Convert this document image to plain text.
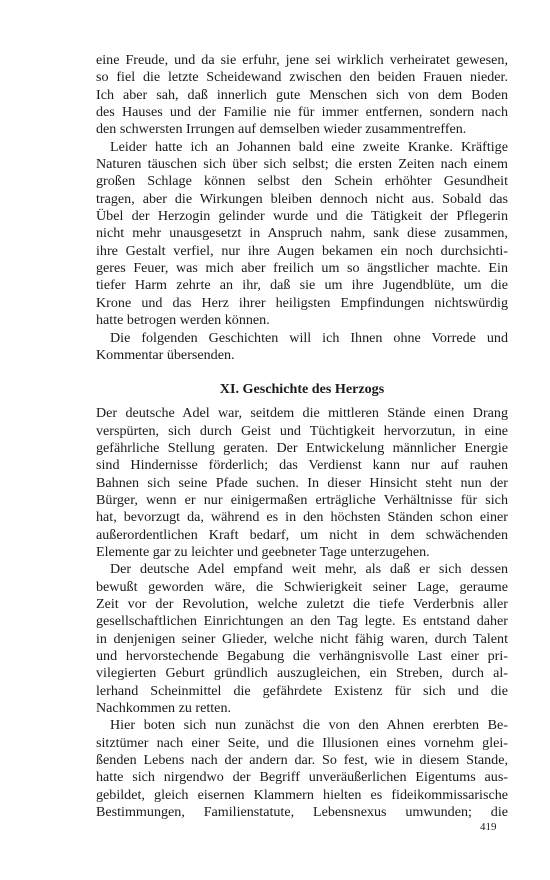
eine Freude, und da sie erfuhr, jene sei wirklich verheiratet gewesen,
so fiel die letzte Scheidewand zwischen den beiden Frauen nieder.
Ich aber sah, daß innerlich gute Menschen sich von dem Boden
des Hauses und der Familie nie für immer entfernen, sondern nach
den schwersten Irrungen auf demselben wieder zusammentreffen.
Leider hatte ich an Johannen bald eine zweite Kranke. Kräftige
Naturen täuschen sich über sich selbst; die ersten Zeiten nach einem
großen Schlage können selbst den Schein erhöhter Gesundheit
tragen, aber die Wirkungen bleiben dennoch nicht aus. Sobald das
Übel der Herzogin gelinder wurde und die Tätigkeit der Pflegerin
nicht mehr unausgesetzt in Anspruch nahm, sank diese zusammen,
ihre Gestalt verfiel, nur ihre Augen bekamen ein noch durchsichti-
geres Feuer, was mich aber freilich um so ängstlicher machte. Ein
tiefer Harm zehrte an ihr, daß sie um ihre Jugendblüte, um die
Krone und das Herz ihrer heiligsten Empfindungen nichtswürdig
hatte betrogen werden können.
Die folgenden Geschichten will ich Ihnen ohne Vorrede und
Kommentar übersenden.
XI. Geschichte des Herzogs
Der deutsche Adel war, seitdem die mittleren Stände einen Drang
verspürten, sich durch Geist und Tüchtigkeit hervorzutun, in eine
gefährliche Stellung geraten. Der Entwickelung männlicher Energie
sind Hindernisse förderlich; das Verdienst kann nur auf rauhen
Bahnen sich seine Pfade suchen. In dieser Hinsicht steht nun der
Bürger, wenn er nur einigermaßen erträgliche Verhältnisse für sich
hat, bevorzugt da, während es in den höchsten Ständen schon einer
außerordentlichen Kraft bedarf, um nicht in dem schwächenden
Elemente gar zu leichter und geebneter Tage unterzugehen.
Der deutsche Adel empfand weit mehr, als daß er sich dessen
bewußt geworden wäre, die Schwierigkeit seiner Lage, geraume
Zeit vor der Revolution, welche zuletzt die tiefe Verderbnis aller
gesellschaftlichen Einrichtungen an den Tag legte. Es entstand daher
in denjenigen seiner Glieder, welche nicht fähig waren, durch Talent
und hervorstechende Begabung die verhängnisvolle Last einer pri-
vilegierten Geburt gründlich auszugleichen, ein Streben, durch al-
lerhand Scheinmittel die gefährdete Existenz für sich und die
Nachkommen zu retten.
Hier boten sich nun zunächst die von den Ahnen ererbten Be-
sitztümer nach einer Seite, und die Illusionen eines vornehm glei-
ßenden Lebens nach der andern dar. So fest, wie in diesem Stande,
hatte sich nirgendwo der Begriff unveräußerlichen Eigentums aus-
gebildet, gleich eisernen Klammern hielten es fideikommissarische
Bestimmungen, Familienstatute, Lebensnexus umwunden; die
419
